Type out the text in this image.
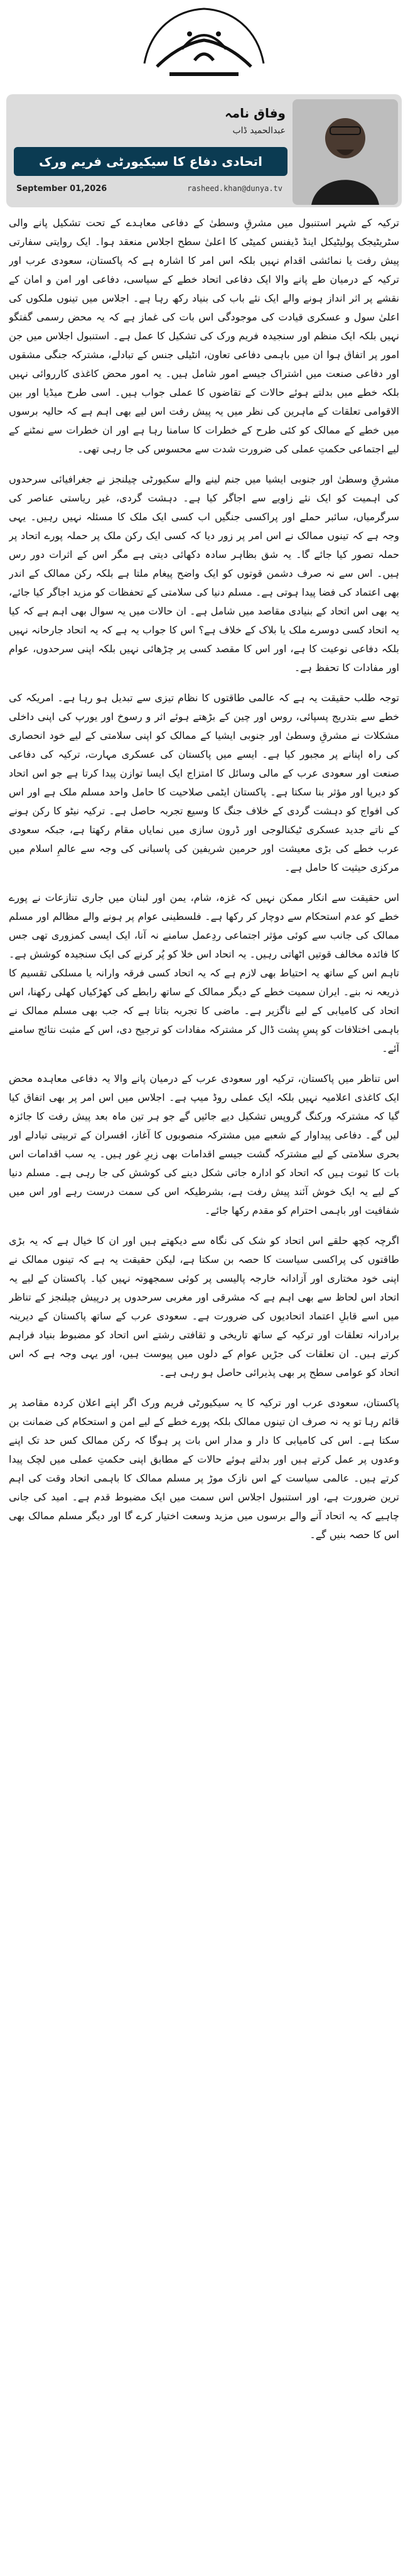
وفاق نامہ
عبدالحمید ڈاب
اتحادی دفاع کا سیکیورٹی فریم ورک
September 01,2026	rasheed.khan@dunya.tv

ترکیہ کے شہر استنبول میں مشرقِ وسطیٰ کے دفاعی معاہدے کے تحت تشکیل پانے والی سٹریٹیجک پولیٹیکل اینڈ ڈیفنس کمیٹی کا اعلیٰ سطح اجلاس منعقد ہوا۔ ایک روایتی سفارتی پیش رفت یا نمائشی اقدام نہیں بلکہ اس امر کا اشارہ ہے کہ پاکستان، سعودی عرب اور ترکیہ کے درمیان طے پانے والا ایک دفاعی اتحاد خطے کے سیاسی، دفاعی اور امن و امان کے نقشے پر اثر انداز ہونے والے ایک نئے باب کی بنیاد رکھ رہا ہے۔ اجلاس میں تینوں ملکوں کی اعلیٰ سول و عسکری قیادت کی موجودگی اس بات کی غماز ہے کہ یہ محض رسمی گفتگو نہیں بلکہ ایک منظم اور سنجیدہ فریم ورک کی تشکیل کا عمل ہے۔ استنبول اجلاس میں جن امور پر اتفاق ہوا ان میں باہمی دفاعی تعاون، انٹیلی جنس کے تبادلے، مشترکہ جنگی مشقوں اور دفاعی صنعت میں اشتراک جیسے امور شامل ہیں۔ یہ امور محض کاغذی کارروائی نہیں بلکہ خطے میں بدلتے ہوئے حالات کے تقاضوں کا عملی جواب ہیں۔ اسی طرح میڈیا اور بین الاقوامی تعلقات کے ماہرین کی نظر میں یہ پیش رفت اس لیے بھی اہم ہے کہ حالیہ برسوں میں خطے کے ممالک کو کئی طرح کے خطرات کا سامنا رہا ہے اور ان خطرات سے نمٹنے کے لیے اجتماعی حکمتِ عملی کی ضرورت شدت سے محسوس کی جا رہی تھی۔

مشرقِ وسطیٰ اور جنوبی ایشیا میں جنم لینے والے سکیورٹی چیلنجز نے جغرافیائی سرحدوں کی اہمیت کو ایک نئے زاویے سے اجاگر کیا ہے۔ دہشت گردی، غیر ریاستی عناصر کی سرگرمیاں، سائبر حملے اور پراکسی جنگیں اب کسی ایک ملک کا مسئلہ نہیں رہیں۔ یہی وجہ ہے کہ تینوں ممالک نے اس امر پر زور دیا کہ کسی ایک رکن ملک پر حملہ پورے اتحاد پر حملہ تصور کیا جائے گا۔ یہ شق بظاہر سادہ دکھائی دیتی ہے مگر اس کے اثرات دور رس ہیں۔ اس سے نہ صرف دشمن قوتوں کو ایک واضح پیغام ملتا ہے بلکہ رکن ممالک کے اندر بھی اعتماد کی فضا پیدا ہوتی ہے۔ مسلم دنیا کی سلامتی کے تحفظات کو مزید اجاگر کیا جائے، یہ بھی اس اتحاد کے بنیادی مقاصد میں شامل ہے۔ ان حالات میں یہ سوال بھی اہم ہے کہ کیا یہ اتحاد کسی دوسرے ملک یا بلاک کے خلاف ہے؟ اس کا جواب یہ ہے کہ یہ اتحاد جارحانہ نہیں بلکہ دفاعی نوعیت کا ہے، اور اس کا مقصد کسی پر چڑھائی نہیں بلکہ اپنی سرحدوں، عوام اور مفادات کا تحفظ ہے۔

توجہ طلب حقیقت یہ ہے کہ عالمی طاقتوں کا نظام تیزی سے تبدیل ہو رہا ہے۔ امریکہ کی خطے سے بتدریج پسپائی، روس اور چین کے بڑھتے ہوئے اثر و رسوخ اور یورپ کی اپنی داخلی مشکلات نے مشرقِ وسطیٰ اور جنوبی ایشیا کے ممالک کو اپنی سلامتی کے لیے خود انحصاری کی راہ اپنانے پر مجبور کیا ہے۔ ایسے میں پاکستان کی عسکری مہارت، ترکیہ کی دفاعی صنعت اور سعودی عرب کے مالی وسائل کا امتزاج ایک ایسا توازن پیدا کرتا ہے جو اس اتحاد کو دیرپا اور مؤثر بنا سکتا ہے۔ پاکستان ایٹمی صلاحیت کا حامل واحد مسلم ملک ہے اور اس کی افواج کو دہشت گردی کے خلاف جنگ کا وسیع تجربہ حاصل ہے۔ ترکیہ نیٹو کا رکن ہونے کے ناتے جدید عسکری ٹیکنالوجی اور ڈرون سازی میں نمایاں مقام رکھتا ہے، جبکہ سعودی عرب خطے کی بڑی معیشت اور حرمین شریفین کی پاسبانی کی وجہ سے عالمِ اسلام میں مرکزی حیثیت کا حامل ہے۔

اس حقیقت سے انکار ممکن نہیں کہ غزہ، شام، یمن اور لبنان میں جاری تنازعات نے پورے خطے کو عدم استحکام سے دوچار کر رکھا ہے۔ فلسطینی عوام پر ہونے والے مظالم اور مسلم ممالک کی جانب سے کوئی مؤثر اجتماعی ردِعمل سامنے نہ آنا، ایک ایسی کمزوری تھی جس کا فائدہ مخالف قوتیں اٹھاتی رہیں۔ یہ اتحاد اس خلا کو پُر کرنے کی ایک سنجیدہ کوشش ہے۔ تاہم اس کے ساتھ یہ احتیاط بھی لازم ہے کہ یہ اتحاد کسی فرقہ وارانہ یا مسلکی تقسیم کا ذریعہ نہ بنے۔ ایران سمیت خطے کے دیگر ممالک کے ساتھ رابطے کی کھڑکیاں کھلی رکھنا، اس اتحاد کی کامیابی کے لیے ناگزیر ہے۔ ماضی کا تجربہ بتاتا ہے کہ جب بھی مسلم ممالک نے باہمی اختلافات کو پسِ پشت ڈال کر مشترکہ مفادات کو ترجیح دی، اس کے مثبت نتائج سامنے آئے۔

اس تناظر میں پاکستان، ترکیہ اور سعودی عرب کے درمیان پانے والا یہ دفاعی معاہدہ محض ایک کاغذی اعلامیہ نہیں بلکہ ایک عملی روڈ میپ ہے۔ اجلاس میں اس امر پر بھی اتفاق کیا گیا کہ مشترکہ ورکنگ گروپس تشکیل دیے جائیں گے جو ہر تین ماہ بعد پیش رفت کا جائزہ لیں گے۔ دفاعی پیداوار کے شعبے میں مشترکہ منصوبوں کا آغاز، افسران کے تربیتی تبادلے اور بحری سلامتی کے لیے مشترکہ گشت جیسے اقدامات بھی زیرِ غور ہیں۔ یہ سب اقدامات اس بات کا ثبوت ہیں کہ اتحاد کو ادارہ جاتی شکل دینے کی کوشش کی جا رہی ہے۔ مسلم دنیا کے لیے یہ ایک خوش آئند پیش رفت ہے، بشرطیکہ اس کی سمت درست رہے اور اس میں شفافیت اور باہمی احترام کو مقدم رکھا جائے۔

اگرچہ کچھ حلقے اس اتحاد کو شک کی نگاہ سے دیکھتے ہیں اور ان کا خیال ہے کہ یہ بڑی طاقتوں کی پراکسی سیاست کا حصہ بن سکتا ہے، لیکن حقیقت یہ ہے کہ تینوں ممالک نے اپنی خود مختاری اور آزادانہ خارجہ پالیسی پر کوئی سمجھوتہ نہیں کیا۔ پاکستان کے لیے یہ اتحاد اس لحاظ سے بھی اہم ہے کہ مشرقی اور مغربی سرحدوں پر درپیش چیلنجز کے تناظر میں اسے قابلِ اعتماد اتحادیوں کی ضرورت ہے۔ سعودی عرب کے ساتھ پاکستان کے دیرینہ برادرانہ تعلقات اور ترکیہ کے ساتھ تاریخی و ثقافتی رشتے اس اتحاد کو مضبوط بنیاد فراہم کرتے ہیں۔ ان تعلقات کی جڑیں عوام کے دلوں میں پیوست ہیں، اور یہی وجہ ہے کہ اس اتحاد کو عوامی سطح پر بھی پذیرائی حاصل ہو رہی ہے۔

پاکستان، سعودی عرب اور ترکیہ کا یہ سیکیورٹی فریم ورک اگر اپنے اعلان کردہ مقاصد پر قائم رہا تو یہ نہ صرف ان تینوں ممالک بلکہ پورے خطے کے لیے امن و استحکام کی ضمانت بن سکتا ہے۔ اس کی کامیابی کا دار و مدار اس بات پر ہوگا کہ رکن ممالک کس حد تک اپنے وعدوں پر عمل کرتے ہیں اور بدلتے ہوئے حالات کے مطابق اپنی حکمتِ عملی میں لچک پیدا کرتے ہیں۔ عالمی سیاست کے اس نازک موڑ پر مسلم ممالک کا باہمی اتحاد وقت کی اہم ترین ضرورت ہے، اور استنبول اجلاس اس سمت میں ایک مضبوط قدم ہے۔ امید کی جانی چاہیے کہ یہ اتحاد آنے والے برسوں میں مزید وسعت اختیار کرے گا اور دیگر مسلم ممالک بھی اس کا حصہ بنیں گے۔
